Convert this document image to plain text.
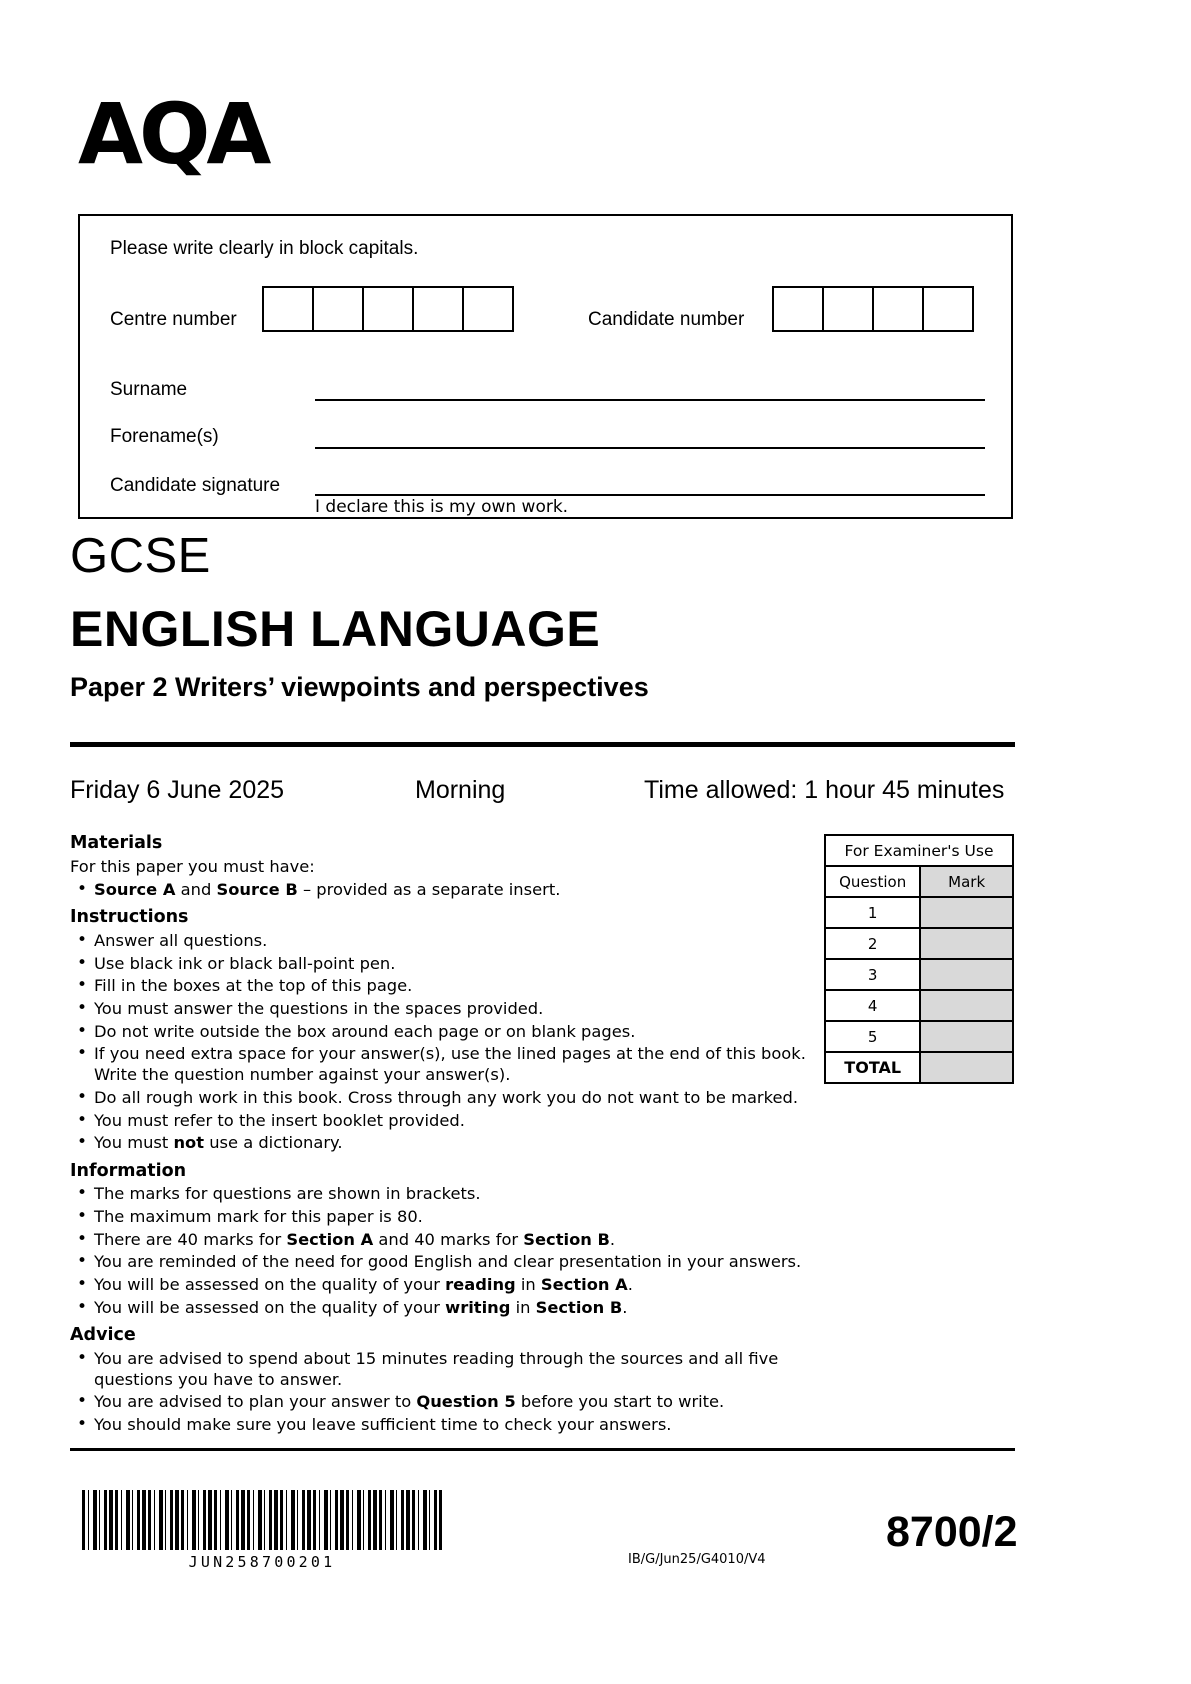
AQA
Please write clearly in block capitals.
Centre number	Candidate number
Surname
Forename(s)
Candidate signature
I declare this is my own work.
GCSE
ENGLISH LANGUAGE
Paper 2 Writers’ viewpoints and perspectives
Friday 6 June 2025	Morning	Time allowed: 1 hour 45 minutes
Materials
For this paper you must have:
• Source A and Source B – provided as a separate insert.
Instructions
• Answer all questions.
• Use black ink or black ball-point pen.
• Fill in the boxes at the top of this page.
• You must answer the questions in the spaces provided.
• Do not write outside the box around each page or on blank pages.
• If you need extra space for your answer(s), use the lined pages at the end of this book. Write the question number against your answer(s).
• Do all rough work in this book. Cross through any work you do not want to be marked.
• You must refer to the insert booklet provided.
• You must not use a dictionary.
Information
• The marks for questions are shown in brackets.
• The maximum mark for this paper is 80.
• There are 40 marks for Section A and 40 marks for Section B.
• You are reminded of the need for good English and clear presentation in your answers.
• You will be assessed on the quality of your reading in Section A.
• You will be assessed on the quality of your writing in Section B.
Advice
• You are advised to spend about 15 minutes reading through the sources and all five questions you have to answer.
• You are advised to plan your answer to Question 5 before you start to write.
• You should make sure you leave sufficient time to check your answers.
For Examiner's Use	
Question	Mark
1	
2	
3	
4	
5	
TOTAL	
JUN258700201	IB/G/Jun25/G4010/V4
8700/2
